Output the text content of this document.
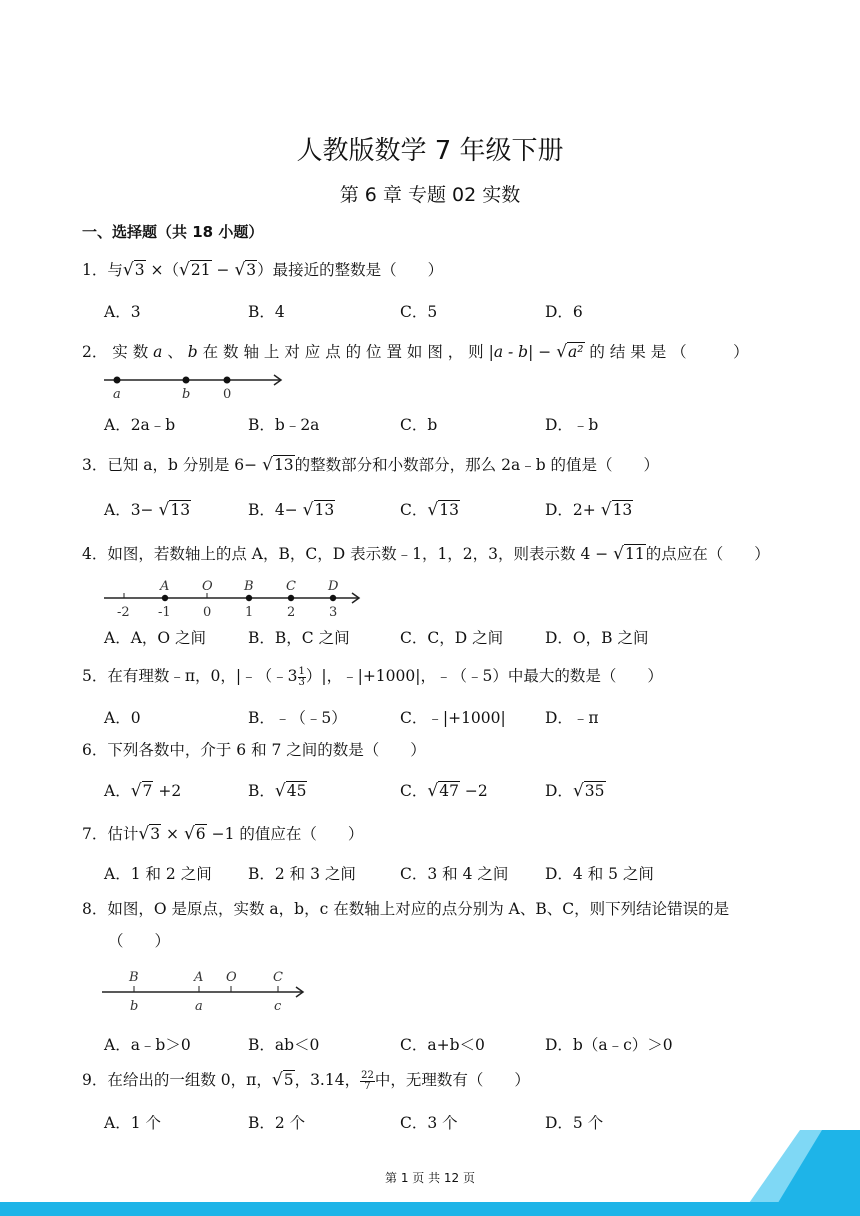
人教版数学 7 年级下册
第 6 章 专题 02 实数
一、选择题（共 18 小题）
1．与√3 ×（√21 − √3）最接近的整数是（　　）
A．3	B．4	C．5	D．6
2． 实 数 a 、 b 在 数 轴 上 对 应 点 的 位 置 如 图 ， 则 |a - b| − √a² 的 结 果 是 （　　　）
a	b	0
A．2a﹣b	B．b﹣2a	C．b	D．﹣b
3．已知 a，b 分别是 6− √13的整数部分和小数部分，那么 2a﹣b 的值是（　　）
A．3− √13	B．4− √13	C．√13	D．2+ √13
4．如图，若数轴上的点 A，B，C，D 表示数﹣1，1，2，3，则表示数 4 − √11的点应在（　　）
A	O B C D
-2 -1 0	1	2	3
A．A，O 之间	B．B，C 之间	C．C，D 之间	D．O，B 之间
5．在有理数﹣π，0，|﹣（﹣3 $\frac{1}{3}$ ）|，﹣|+1000|，﹣（﹣5）中最大的数是（　　）
A．0	B．﹣（﹣5）	C．﹣|+1000|	D．﹣π
6．下列各数中，介于 6 和 7 之间的数是（　　）
A．√7 +2	B．√45	C．√47 −2	D．√35
7．估计√3 × √6 −1 的值应在（　　）
A．1 和 2 之间 B．2 和 3 之间	C．3 和 4 之间 D．4 和 5 之间
8．如图，O 是原点，实数 a，b，c 在数轴上对应的点分别为 A、B、C，则下列结论错误的是
（　　）
B	A O	C
b	a	c
A．a﹣b＞0	B．ab＜0	C．a+b＜0	D．b（a﹣c）＞0
9．在给出的一组数 0，π，√5，3.14， $\frac{22}{7}$ 中，无理数有（　　）
A．1 个	B．2 个	C．3 个	D．5 个
第 1 页 共 12 页
